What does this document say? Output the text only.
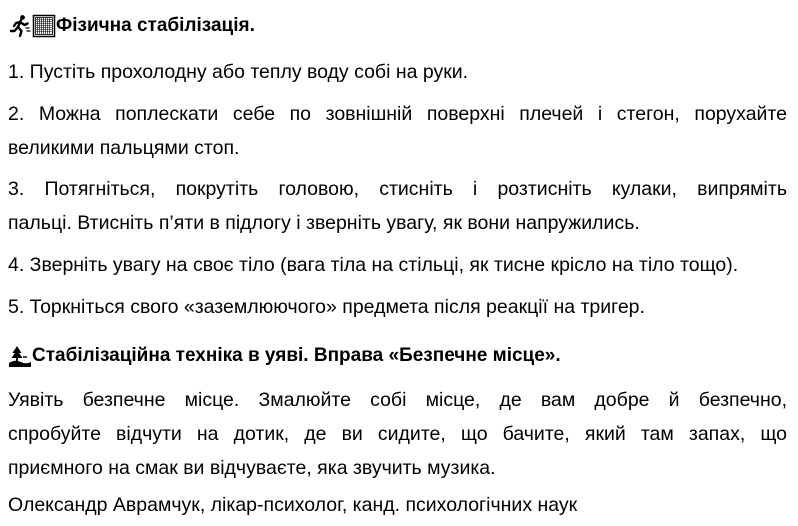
Фізична стабілізація.
1. Пустіть прохолодну або теплу воду собі на руки.
2. Можна поплескати себе по зовнішній поверхні плечей і стегон, порухайте
великими пальцями стоп.
3. Потягніться, покрутіть головою, стисніть і розтисніть кулаки, випряміть
пальці. Втисніть п’яти в підлогу і зверніть увагу, як вони напружились.
4. Зверніть увагу на своє тіло (вага тіла на стільці, як тисне крісло на тіло тощо).
5. Торкніться свого «заземлюючого» предмета після реакції на тригер.
Стабілізаційна техніка в уяві. Вправа «Безпечне місце».
Уявіть безпечне місце. Змалюйте собі місце, де вам добре й безпечно,
спробуйте відчути на дотик, де ви сидите, що бачите, який там запах, що
приємного на смак ви відчуваєте, яка звучить музика.
Олександр Аврамчук, лікар-психолог, канд. психологічних наук
